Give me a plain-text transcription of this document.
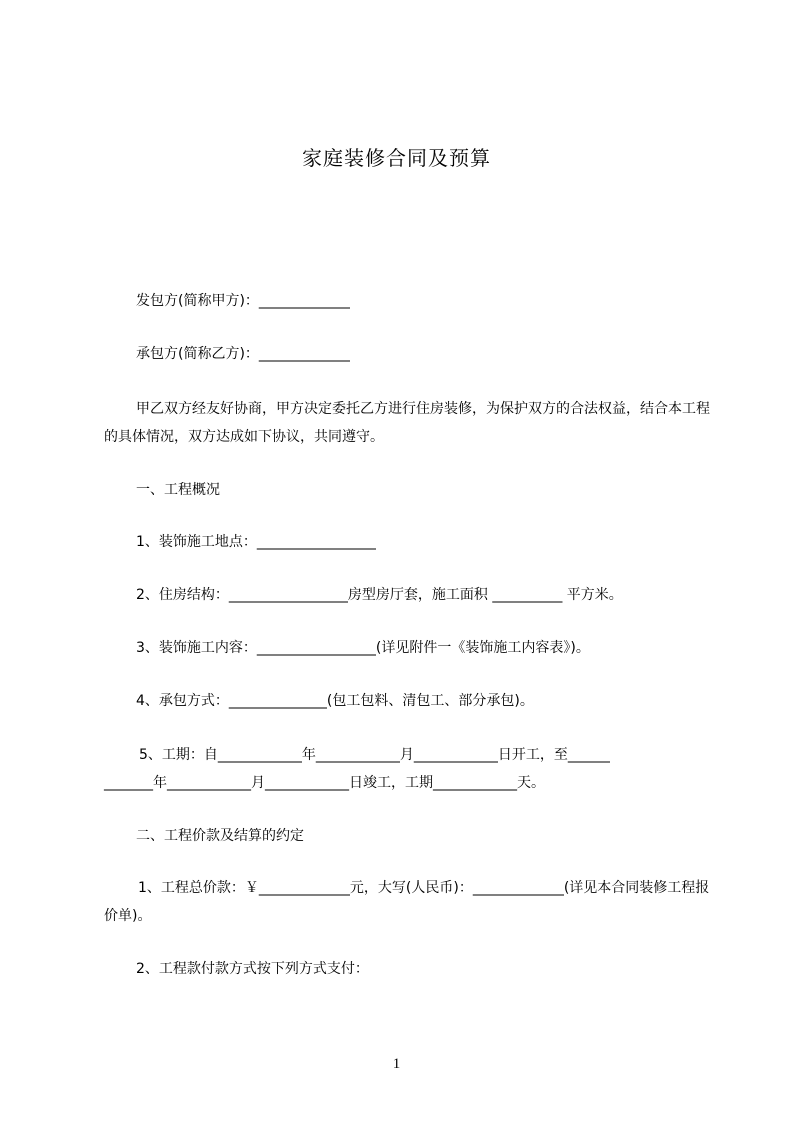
家庭装修合同及预算
发包方(简称甲方)：_____________
承包方(简称乙方)：_____________
甲乙双方经友好协商，甲方决定委托乙方进行住房装修，为保护双方的合法权益，结合本工程的具体情况，双方达成如下协议，共同遵守。
一、工程概况
1、装饰施工地点：_________________
2、住房结构：_________________房型房厅套，施工面积 __________ 平方米。
3、装饰施工内容：_________________(详见附件一《装饰施工内容表》)。
4、承包方式：______________(包工包料、清包工、部分承包)。
5、工期：自____________年____________月____________日开工，至______
_______年____________月____________日竣工，工期____________天。
二、工程价款及结算的约定
1、工程总价款：￥_____________元，大写(人民币)：_____________(详见本合同装修工程报价单)。
2、工程款付款方式按下列方式支付：
1
